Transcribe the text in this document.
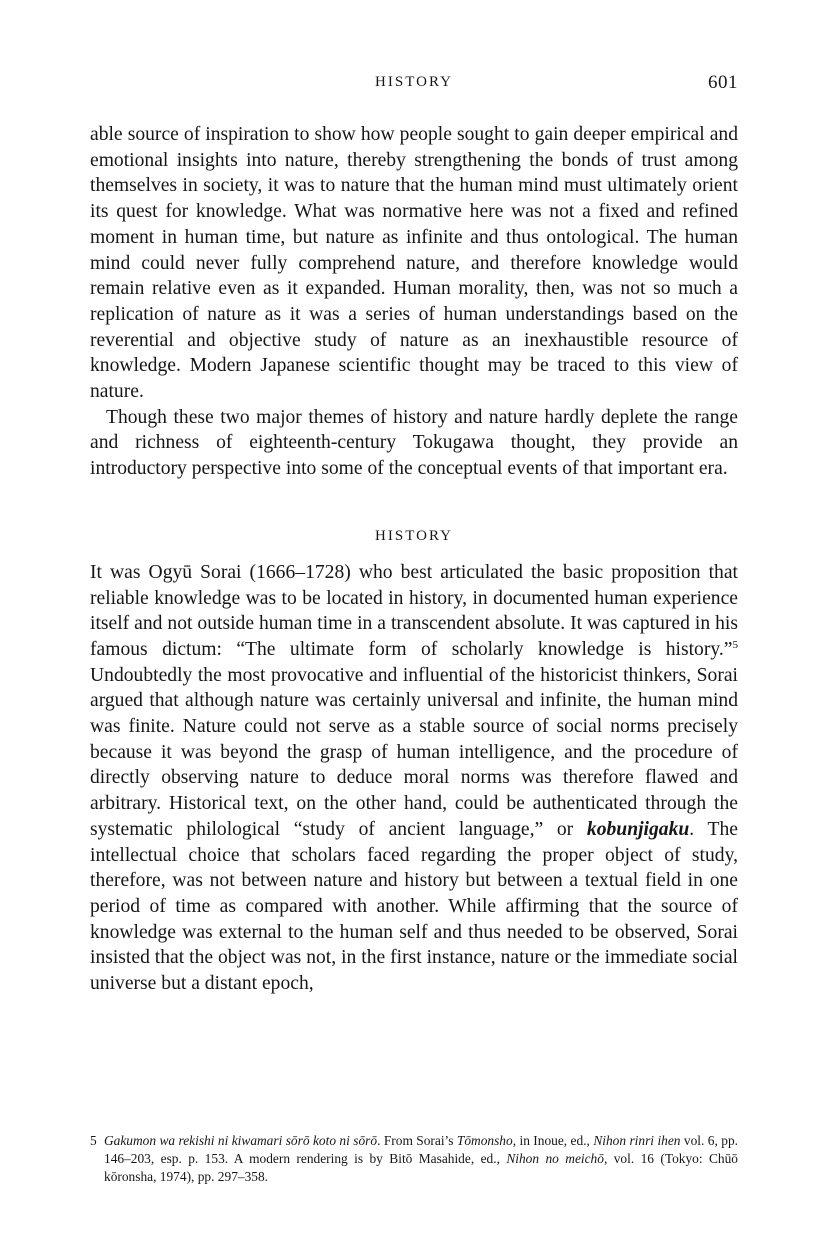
HISTORY	601

able source of inspiration to show how people sought to gain deeper empirical and emotional insights into nature, thereby strengthening the bonds of trust among themselves in society, it was to nature that the human mind must ultimately orient its quest for knowledge. What was normative here was not a fixed and refined moment in human time, but nature as infinite and thus ontological. The human mind could never fully comprehend nature, and therefore knowledge would remain relative even as it expanded. Human morality, then, was not so much a replication of nature as it was a series of human understandings based on the reverential and objective study of nature as an inexhaustible resource of knowledge. Modern Japanese scientific thought may be traced to this view of nature.

Though these two major themes of history and nature hardly deplete the range and richness of eighteenth-century Tokugawa thought, they provide an introductory perspective into some of the conceptual events of that important era.

HISTORY

It was Ogyū Sorai (1666–1728) who best articulated the basic proposition that reliable knowledge was to be located in history, in documented human experience itself and not outside human time in a transcendent absolute. It was captured in his famous dictum: “The ultimate form of scholarly knowledge is history.”$^5$ Undoubtedly the most provocative and influential of the historicist thinkers, Sorai argued that although nature was certainly universal and infinite, the human mind was finite. Nature could not serve as a stable source of social norms precisely because it was beyond the grasp of human intelligence, and the procedure of directly observing nature to deduce moral norms was therefore flawed and arbitrary. Historical text, on the other hand, could be authenticated through the systematic philological “study of ancient language,” or kobunjigaku. The intellectual choice that scholars faced regarding the proper object of study, therefore, was not between nature and history but between a textual field in one period of time as compared with another. While affirming that the source of knowledge was external to the human self and thus needed to be observed, Sorai insisted that the object was not, in the first instance, nature or the immediate social universe but a distant epoch,

5 Gakumon wa rekishi ni kiwamari sōrō koto ni sōrō. From Sorai’s Tōmonsho, in Inoue, ed., Nihon rinri ihen vol. 6, pp. 146–203, esp. p. 153. A modern rendering is by Bitō Masahide, ed., Nihon no meichō, vol. 16 (Tokyo: Chūō kōronsha, 1974), pp. 297–358.
